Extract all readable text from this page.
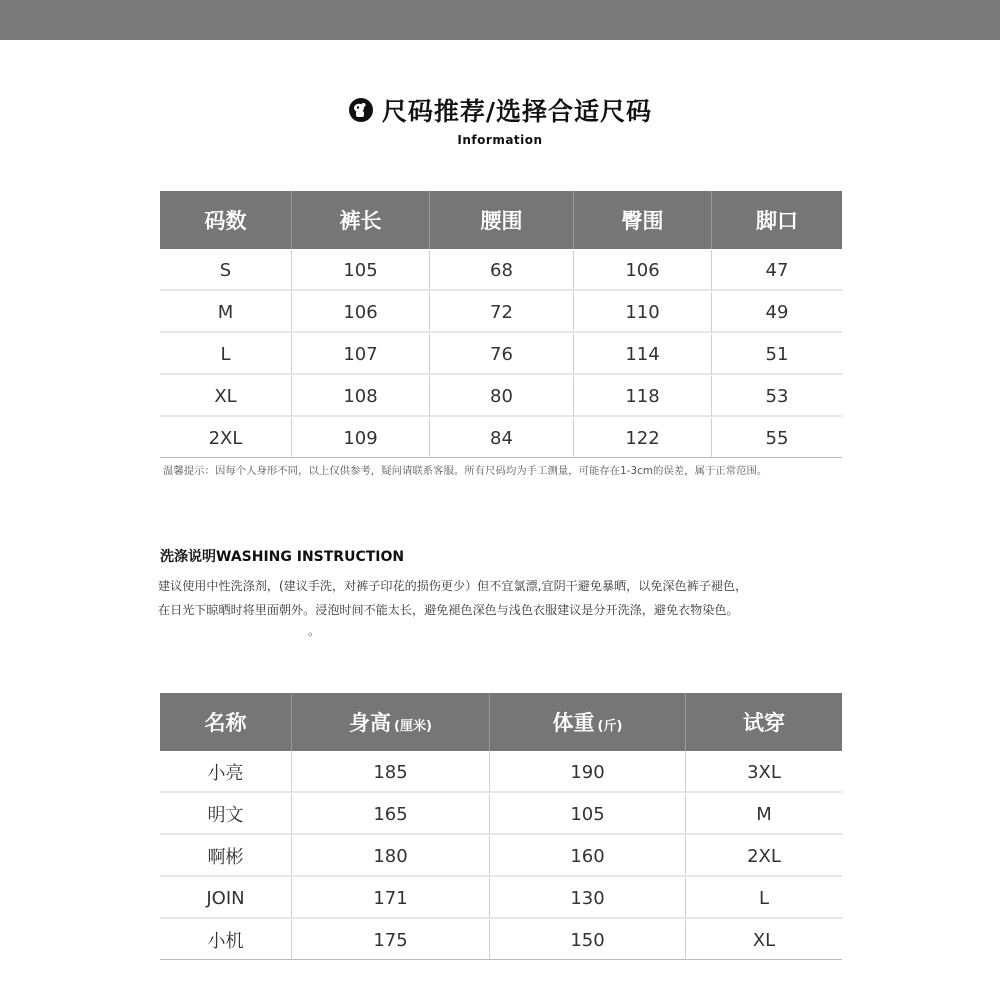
尺码推荐/选择合适尺码
Information
码数	裤长	腰围	臀围	脚口
S	105	68	106	47
M	106	72	110	49
L	107	76	114	51
XL	108	80	118	53
2XL	109	84	122	55
温馨提示：因每个人身形不同，以上仅供参考，疑问请联系客服。所有尺码均为手工测量，可能存在1-3cm的误差，属于正常范围。
洗涤说明WASHING INSTRUCTION
建议使用中性洗涤剂，(建议手洗，对裤子印花的损伤更少）但不宜氯漂,宜阴干避免暴晒，以免深色裤子褪色，
在日光下晾晒时将里面朝外。浸泡时间不能太长，避免褪色深色与浅色衣服建议是分开洗涤，避免衣物染色。
。
名称	身高 (厘米)	体重 (斤)	试穿
小亮	185	190	3XL
明文	165	105	M
啊彬	180	160	2XL
JOIN	171	130	L
小机	175	150	XL
